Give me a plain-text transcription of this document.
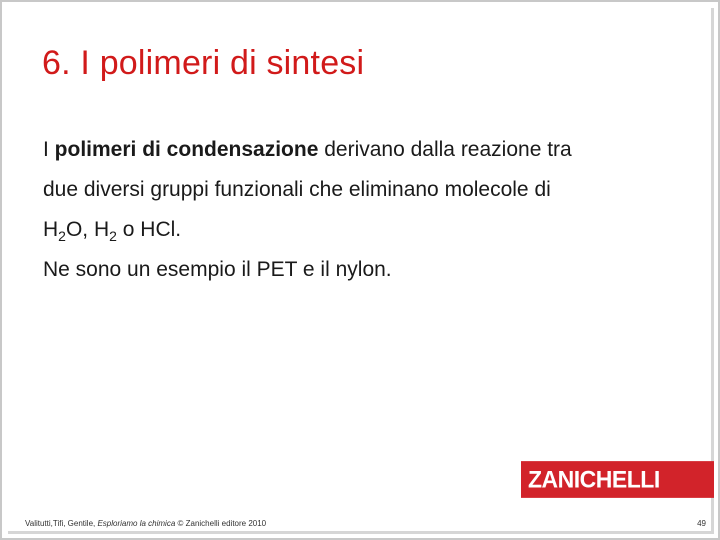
6. I polimeri di sintesi

I polimeri di condensazione derivano dalla reazione tra
due diversi gruppi funzionali che eliminano molecole di
$H_2O$, $H_2$ o HCl.

Ne sono un esempio il PET e il nylon.

ZANICHELLI
Valitutti,Tifi, Gentile, Esploriamo la chimica © Zanichelli editore 2010	49
